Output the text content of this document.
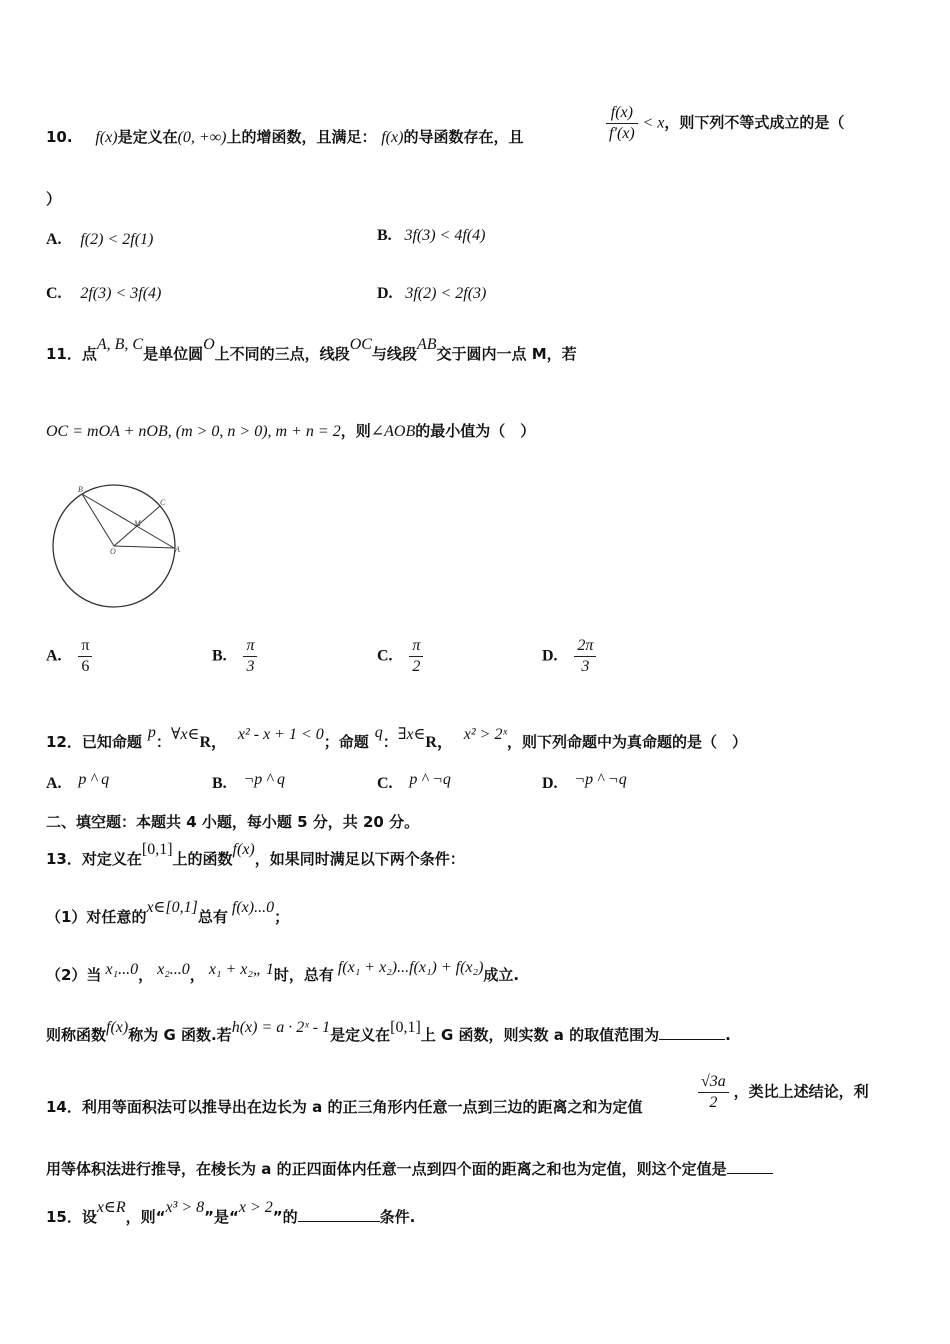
10. f(x)是定义在(0, +∞)上的增函数，且满足： f(x)的导函数存在，且	$\frac{f(x)}{f'(x)} < x$，则下列不等式成立的是（
）
A. f(2) < 2f(1)	B. 3f(3) < 4f(4)
C. 2f(3) < 3f(4)	D. 3f(2) < 2f(3)
11．点A, B, C是单位圆O上不同的三点，线段OC与线段AB交于圆内一点 M，若
OC = mOA + nOB, (m > 0, n > 0), m + n = 2，则∠AOB的最小值为（　）
B
C
M
O	A
A. $\frac{\pi}{6}$	B. $\frac{\pi}{3}$	C. $\frac{\pi}{2}$	D. $\frac{2\pi}{3}$
12．已知命题p：∀x∈R， x² - x + 1 < 0；命题q：∃x∈R， x² > 2ˣ，则下列命题中为真命题的是（　）
A. p ^ q	B. ¬p ^ q	C. p ^ ¬q	D. ¬p ^ ¬q
二、填空题：本题共 4 小题，每小题 5 分，共 20 分。
13．对定义在[0,1]上的函数f(x)，如果同时满足以下两个条件：
（1）对任意的x∈[0,1]总有f(x)...0；
（2）当 x₁...0， x₂...0， x₁ + x₂„ 1时，总有 f(x₁ + x₂)...f(x₁) + f(x₂)成立.
则称函数f(x)称为 G 函数.若h(x) = a · 2ˣ - 1是定义在[0,1]上 G 函数，则实数 a 的取值范围为	.
14．利用等面积法可以推导出在边长为 a 的正三角形内任意一点到三边的距离之和为定值	$\frac{√3a}{2}$ ，类比上述结论，利
用等体积法进行推导，在棱长为 a 的正四面体内任意一点到四个面的距离之和也为定值，则这个定值是
15．设x∈R，则“x³ > 8”是“x > 2”的	条件.
